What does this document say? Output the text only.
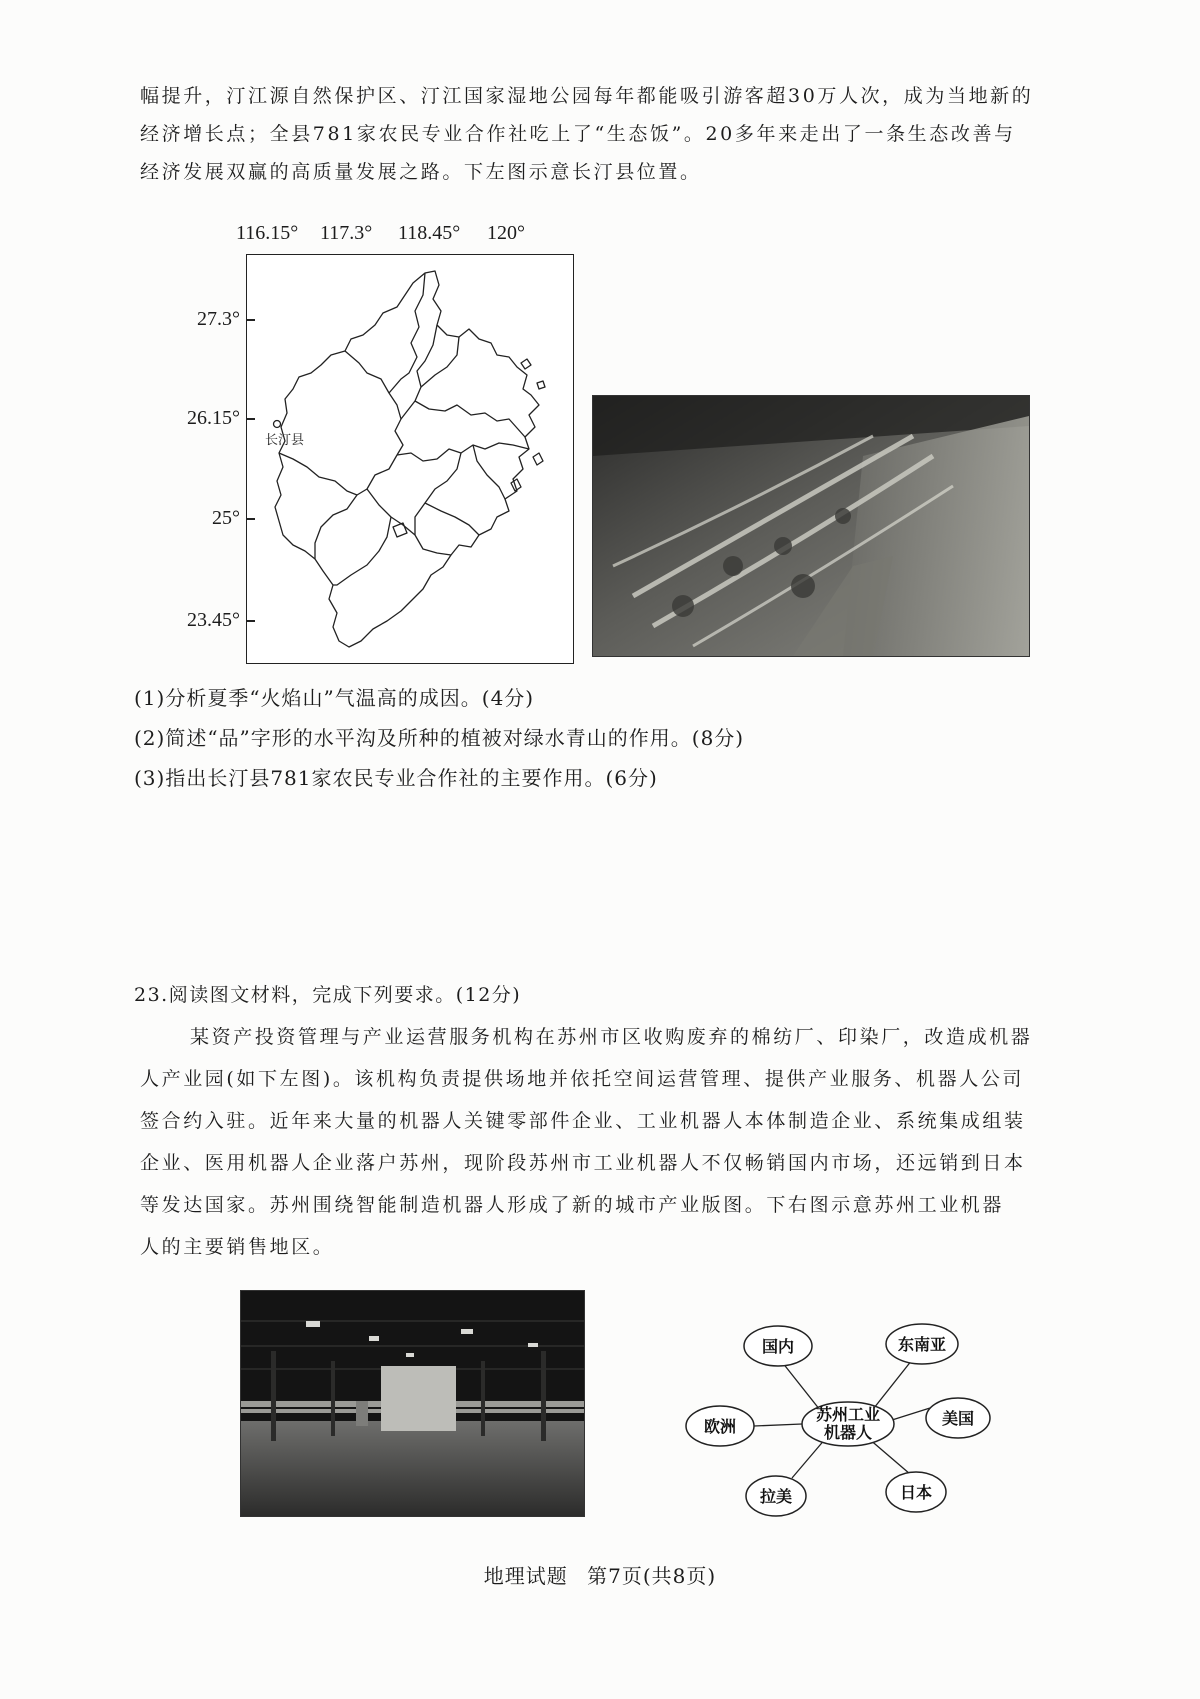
幅提升，汀江源自然保护区、汀江国家湿地公园每年都能吸引游客超30万人次，成为当地新的
经济增长点；全县781家农民专业合作社吃上了“生态饭”。20多年来走出了一条生态改善与
经济发展双赢的高质量发展之路。下左图示意长汀县位置。
116.15° 117.3° 118.45° 120°
27.3°
26.15°
25°
23.45°
长汀县
(1)分析夏季“火焰山”气温高的成因。(4分)
(2)简述“品”字形的水平沟及所种的植被对绿水青山的作用。(8分)
(3)指出长汀县781家农民专业合作社的主要作用。(6分)
23.阅读图文材料，完成下列要求。(12分)
某资产投资管理与产业运营服务机构在苏州市区收购废弃的棉纺厂、印染厂，改造成机器
人产业园(如下左图)。该机构负责提供场地并依托空间运营管理、提供产业服务、机器人公司
签合约入驻。近年来大量的机器人关键零部件企业、工业机器人本体制造企业、系统集成组装
企业、医用机器人企业落户苏州，现阶段苏州市工业机器人不仅畅销国内市场，还远销到日本
等发达国家。苏州围绕智能制造机器人形成了新的城市产业版图。下右图示意苏州工业机器
人的主要销售地区。
苏州工业
机器人
国内	东南亚
美国
日本
拉美
欧洲
地理试题 第7页(共8页)
